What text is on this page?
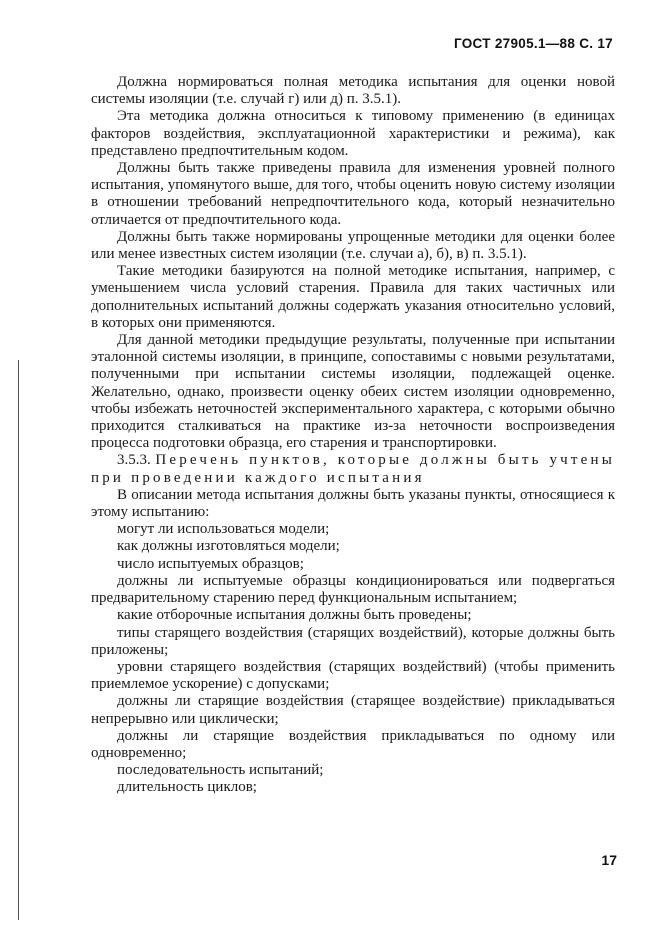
ГОСТ 27905.1—88 С. 17

Должна нормироваться полная методика испытания для оценки новой системы изоляции (т.е. случай г) или д) п. 3.5.1).

Эта методика должна относиться к типовому применению (в единицах факторов воздействия, эксплуатационной характеристики и режима), как представлено предпочтительным кодом.

Должны быть также приведены правила для изменения уровней полного испытания, упомянутого выше, для того, чтобы оценить новую систему изоляции в отношении требований непредпочтительного кода, который незначительно отличается от предпочтительного кода.

Должны быть также нормированы упрощенные методики для оценки более или менее известных систем изоляции (т.е. случаи а), б), в) п. 3.5.1).

Такие методики базируются на полной методике испытания, например, с уменьшением числа условий старения. Правила для таких частичных или дополнительных испытаний должны содержать указания относительно условий, в которых они применяются.

Для данной методики предыдущие результаты, полученные при испытании эталонной системы изоляции, в принципе, сопоставимы с новыми результатами, полученными при испытании системы изоляции, подлежащей оценке. Желательно, однако, произвести оценку обеих систем изоляции одновременно, чтобы избежать неточностей экспериментального характера, с которыми обычно приходится сталкиваться на практике из-за неточности воспроизведения процесса подготовки образца, его старения и транспортировки.

3.5.3. Перечень пунктов, которые должны быть учтены при проведении каждого испытания

В описании метода испытания должны быть указаны пункты, относящиеся к этому испытанию:

могут ли использоваться модели;

как должны изготовляться модели;

число испытуемых образцов;

должны ли испытуемые образцы кондиционироваться или подвергаться предварительному старению перед функциональным испытанием;

какие отборочные испытания должны быть проведены;

типы старящего воздействия (старящих воздействий), которые должны быть приложены;

уровни старящего воздействия (старящих воздействий) (чтобы применить приемлемое ускорение) с допусками;

должны ли старящие воздействия (старящее воздействие) прикладываться непрерывно или циклически;

должны ли старящие воздействия прикладываться по одному или одновременно;

последовательность испытаний;

длительность циклов;

17
